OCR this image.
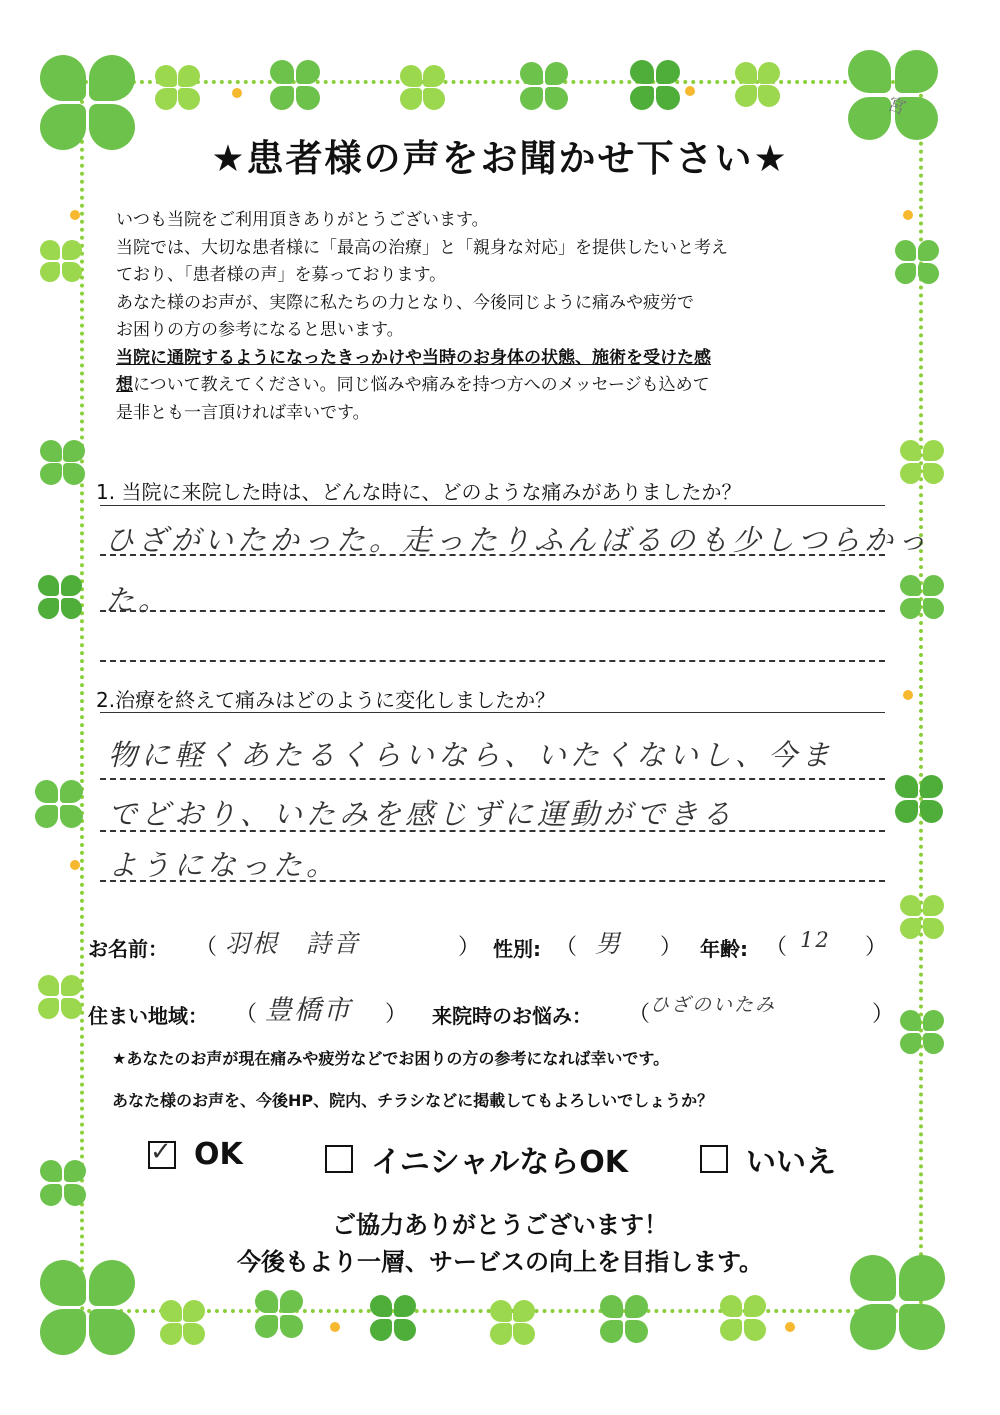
宮
★患者様の声をお聞かせ下さい★

いつも当院をご利用頂きありがとうございます。

当院では、大切な患者様に「最高の治療」と「親身な対応」を提供したいと考え

ており、「患者様の声」を募っております。

あなた様のお声が、実際に私たちの力となり、今後同じように痛みや疲労で

お困りの方の参考になると思います。

当院に通院するようになったきっかけや当時のお身体の状態、施術を受けた感

想について教えてください。同じ悩みや痛みを持つ方へのメッセージも込めて

是非とも一言頂ければ幸いです。

1. 当院に来院した時は、どんな時に、どのような痛みがありましたか？
ひざがいたかった。走ったりふんばるのも少しつらかっ
た。
2.治療を終えて痛みはどのように変化しましたか？
物に軽くあたるくらいなら、いたくないし、今ま
でどおり、いたみを感じずに運動ができる
ようになった。
お名前： （ 羽根　詩音	） 性別: （ 男 ） 年齢: （ 12 ）
住まい地域： （ 豊橋市 ） 来院時のお悩み： （ ひざのいたみ	）
★あなたのお声が現在痛みや疲労などでお困りの方の参考になれば幸いです。
あなた様のお声を、今後HP、院内、チラシなどに掲載してもよろしいでしょうか？
✓ OK	イニシャルならOK	いいえ
ご協力ありがとうございます！
今後もより一層、サービスの向上を目指します。
